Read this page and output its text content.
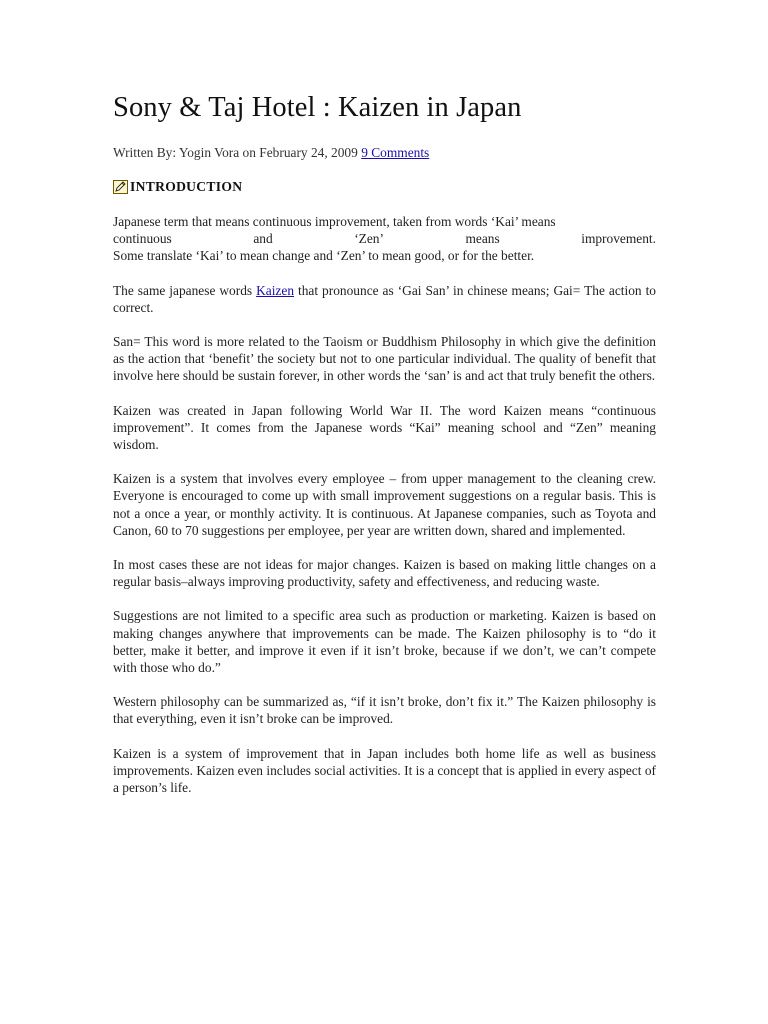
Sony & Taj Hotel : Kaizen in Japan
Written By: Yogin Vora on February 24, 2009 9 Comments
INTRODUCTION
Japanese term that means continuous improvement, taken from words ‘Kai’ means
continuous	and	‘Zen’	means	improvement.
Some translate ‘Kai’ to mean change and ‘Zen’ to mean good, or for the better.

The same japanese words Kaizen that pronounce as ‘Gai San’ in chinese means; Gai= The action to correct.

San= This word is more related to the Taoism or Buddhism Philosophy in which give the definition as the action that ‘benefit’ the society but not to one particular individual. The quality of benefit that involve here should be sustain forever, in other words the ‘san’ is and act that truly benefit the others.

Kaizen was created in Japan following World War II. The word Kaizen means “continuous improvement”. It comes from the Japanese words “Kai” meaning school and “Zen” meaning wisdom.

Kaizen is a system that involves every employee – from upper management to the cleaning crew. Everyone is encouraged to come up with small improvement suggestions on a regular basis. This is not a once a year, or monthly activity. It is continuous. At Japanese companies, such as Toyota and Canon, 60 to 70 suggestions per employee, per year are written down, shared and implemented.

In most cases these are not ideas for major changes. Kaizen is based on making little changes on a regular basis–always improving productivity, safety and effectiveness, and reducing waste.

Suggestions are not limited to a specific area such as production or marketing. Kaizen is based on making changes anywhere that improvements can be made. The Kaizen philosophy is to “do it better, make it better, and improve it even if it isn’t broke, because if we don’t, we can’t compete with those who do.”

Western philosophy can be summarized as, “if it isn’t broke, don’t fix it.” The Kaizen philosophy is that everything, even it isn’t broke can be improved.

Kaizen is a system of improvement that in Japan includes both home life as well as business improvements. Kaizen even includes social activities. It is a concept that is applied in every aspect of a person’s life.
